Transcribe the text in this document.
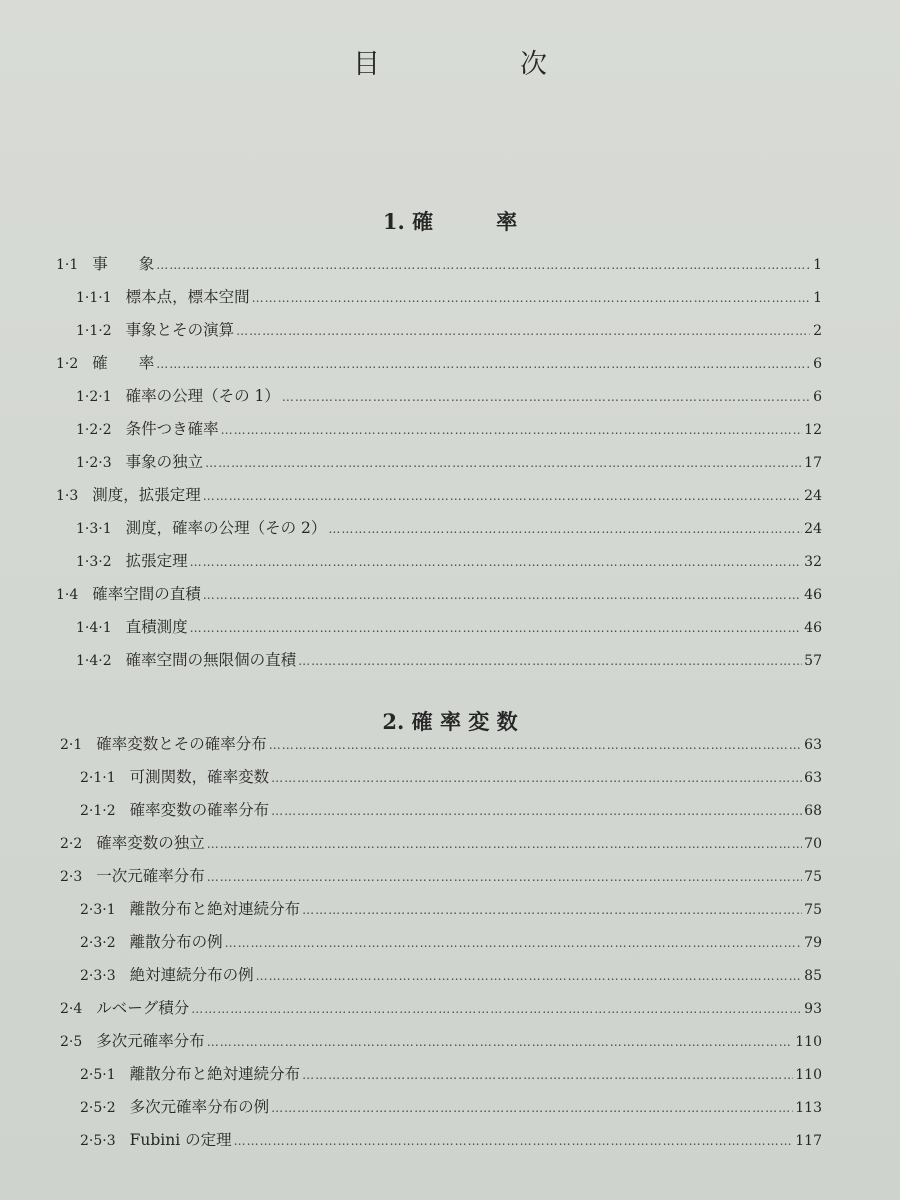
目	次
1. 確　　　率
1·1 事　　象 ……………………………………………………………………………………………………………………………………………………………………………………………………………………………………………………	1
1·1·1 標本点，標本空間 ……………………………………………………………………………………………………………………………………………………………………………………………………………………………………………………	1
1·1·2 事象とその演算 ……………………………………………………………………………………………………………………………………………………………………………………………………………………………………………………	2
1·2 確　　率 ……………………………………………………………………………………………………………………………………………………………………………………………………………………………………………………	6
1·2·1 確率の公理（その 1） ……………………………………………………………………………………………………………………………………………………………………………………………………………………………………………………	6
1·2·2 条件つき確率 ……………………………………………………………………………………………………………………………………………………………………………………………………………………………………………………	12
1·2·3 事象の独立 ……………………………………………………………………………………………………………………………………………………………………………………………………………………………………………………	17
1·3 測度，拡張定理 ……………………………………………………………………………………………………………………………………………………………………………………………………………………………………………………	24
1·3·1 測度，確率の公理（その 2） ……………………………………………………………………………………………………………………………………………………………………………………………………………………………………………………	24
1·3·2 拡張定理 ……………………………………………………………………………………………………………………………………………………………………………………………………………………………………………………	32
1·4 確率空間の直積 ……………………………………………………………………………………………………………………………………………………………………………………………………………………………………………………	46
1·4·1 直積測度 ……………………………………………………………………………………………………………………………………………………………………………………………………………………………………………………	46
1·4·2 確率空間の無限個の直積 ……………………………………………………………………………………………………………………………………………………………………………………………………………………………………………………	57
2. 確 率 変 数
2·1 確率変数とその確率分布 ……………………………………………………………………………………………………………………………………………………………………………………………………………………………………………………	63
2·1·1 可測関数，確率変数 ……………………………………………………………………………………………………………………………………………………………………………………………………………………………………………………	63
2·1·2 確率変数の確率分布 ……………………………………………………………………………………………………………………………………………………………………………………………………………………………………………………	68
2·2 確率変数の独立 ……………………………………………………………………………………………………………………………………………………………………………………………………………………………………………………	70
2·3 一次元確率分布 ……………………………………………………………………………………………………………………………………………………………………………………………………………………………………………………	75
2·3·1 離散分布と絶対連続分布 ……………………………………………………………………………………………………………………………………………………………………………………………………………………………………………………	75
2·3·2 離散分布の例 ……………………………………………………………………………………………………………………………………………………………………………………………………………………………………………………	79
2·3·3 絶対連続分布の例 ……………………………………………………………………………………………………………………………………………………………………………………………………………………………………………………	85
2·4 ルベーグ積分 ……………………………………………………………………………………………………………………………………………………………………………………………………………………………………………………	93
2·5 多次元確率分布 ……………………………………………………………………………………………………………………………………………………………………………………………………………………………………………………	110
2·5·1 離散分布と絶対連続分布 ……………………………………………………………………………………………………………………………………………………………………………………………………………………………………………………	110
2·5·2 多次元確率分布の例 ……………………………………………………………………………………………………………………………………………………………………………………………………………………………………………………	113
2·5·3 Fubini の定理 ……………………………………………………………………………………………………………………………………………………………………………………………………………………………………………………	117
